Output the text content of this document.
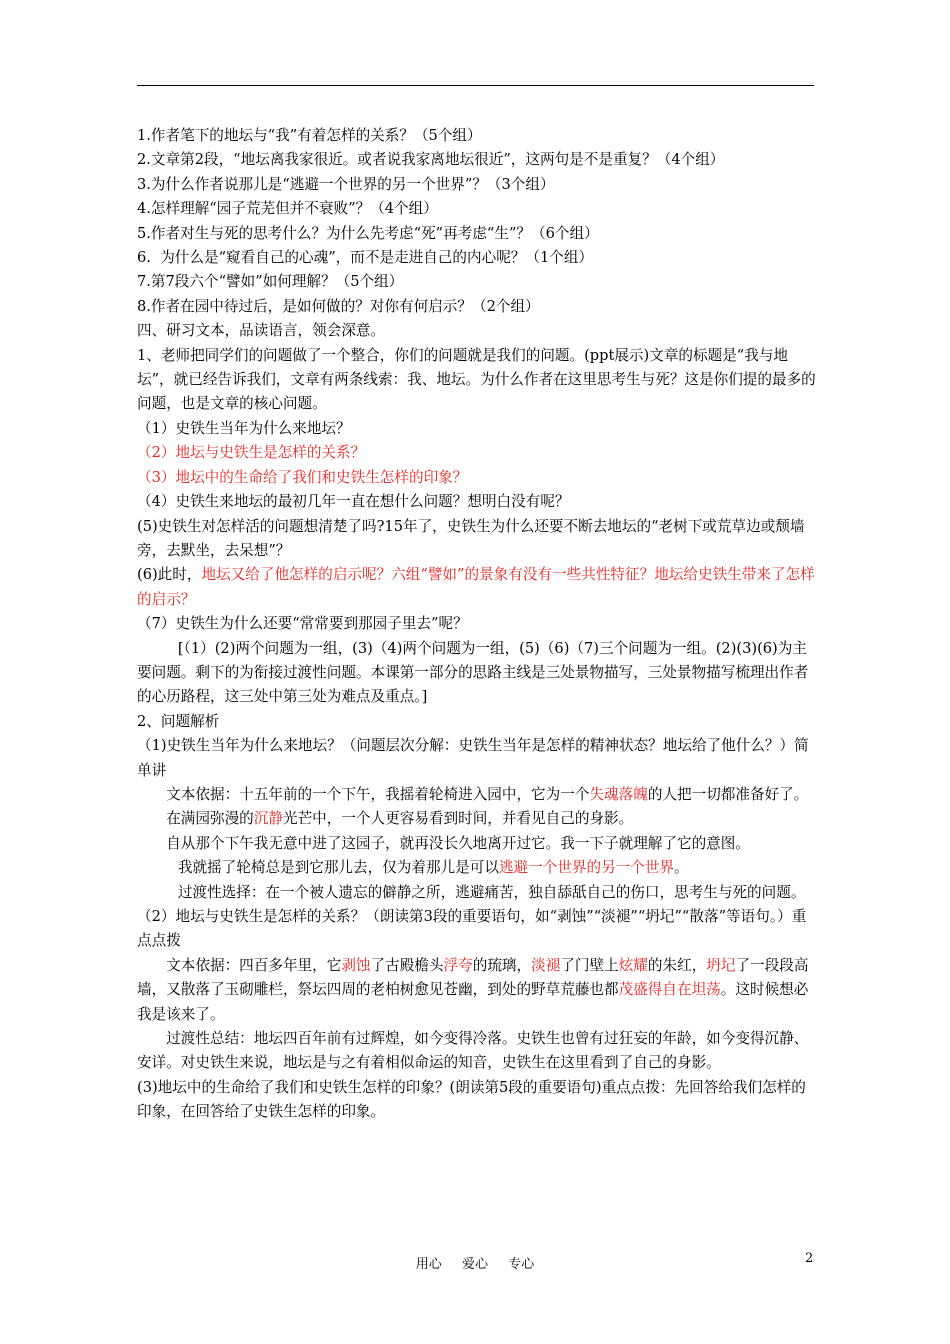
1.作者笔下的地坛与“我”有着怎样的关系？（5个组）

2.文章第2段，“地坛离我家很近。或者说我家离地坛很近”，这两句是不是重复？（4个组）

3.为什么作者说那儿是“逃避一个世界的另一个世界”？（3个组）

4.怎样理解“园子荒芜但并不衰败”？（4个组）

5.作者对生与死的思考什么？为什么先考虑“死”再考虑“生”？（6个组）

6.  为什么是“窥看自己的心魂”，而不是走进自己的内心呢？（1个组）

7.第7段六个“譬如”如何理解？（5个组）

8.作者在园中待过后，是如何做的？对你有何启示？（2个组）

四、研习文本，品读语言，领会深意。

1、老师把同学们的问题做了一个整合，你们的问题就是我们的问题。(ppt展示)文章的标题是“我与地坛”，就已经告诉我们，文章有两条线索：我、地坛。为什么作者在这里思考生与死？这是你们提的最多的问题，也是文章的核心问题。

（1）史铁生当年为什么来地坛？

（2）地坛与史铁生是怎样的关系？

（3）地坛中的生命给了我们和史铁生怎样的印象？

（4）史铁生来地坛的最初几年一直在想什么问题？想明白没有呢？

(5)史铁生对怎样活的问题想清楚了吗?15年了，史铁生为什么还要不断去地坛的“老树下或荒草边或颓墙旁，去默坐，去呆想”？

(6)此时，地坛又给了他怎样的启示呢？六组“譬如”的景象有没有一些共性特征？地坛给史铁生带来了怎样的启示？

（7）史铁生为什么还要“常常要到那园子里去”呢？

[（1）(2)两个问题为一组，(3)（4)两个问题为一组，(5)（6)（7)三个问题为一组。(2)(3)(6)为主要问题。剩下的为衔接过渡性问题。本课第一部分的思路主线是三处景物描写，三处景物描写梳理出作者的心历路程，这三处中第三处为难点及重点。]

2、问题解析

（1)史铁生当年为什么来地坛？（问题层次分解：史铁生当年是怎样的精神状态？地坛给了他什么？）简单讲

文本依据：十五年前的一个下午，我摇着轮椅进入园中，它为一个失魂落魄的人把一切都准备好了。

在满园弥漫的沉静光芒中，一个人更容易看到时间，并看见自己的身影。

自从那个下午我无意中进了这园子，就再没长久地离开过它。我一下子就理解了它的意图。

我就摇了轮椅总是到它那儿去，仅为着那儿是可以逃避一个世界的另一个世界。

过渡性选择：在一个被人遗忘的僻静之所，逃避痛苦，独自舔舐自己的伤口，思考生与死的问题。

（2）地坛与史铁生是怎样的关系？（朗读第3段的重要语句，如“剥蚀”“淡褪”“坍圮”“散落”等语句。）重点点拨

文本依据：四百多年里，它剥蚀了古殿檐头浮夸的琉璃，淡褪了门壁上炫耀的朱红，坍圮了一段段高墙，又散落了玉砌雕栏，祭坛四周的老柏树愈见苍幽，到处的野草荒藤也都茂盛得自在坦荡。这时候想必我是该来了。

过渡性总结：地坛四百年前有过辉煌，如今变得冷落。史铁生也曾有过狂妄的年龄，如今变得沉静、安详。对史铁生来说，地坛是与之有着相似命运的知音，史铁生在这里看到了自己的身影。

(3)地坛中的生命给了我们和史铁生怎样的印象？(朗读第5段的重要语句)重点点拨：先回答给我们怎样的印象，在回答给了史铁生怎样的印象。

用心  爱心  专心	2
